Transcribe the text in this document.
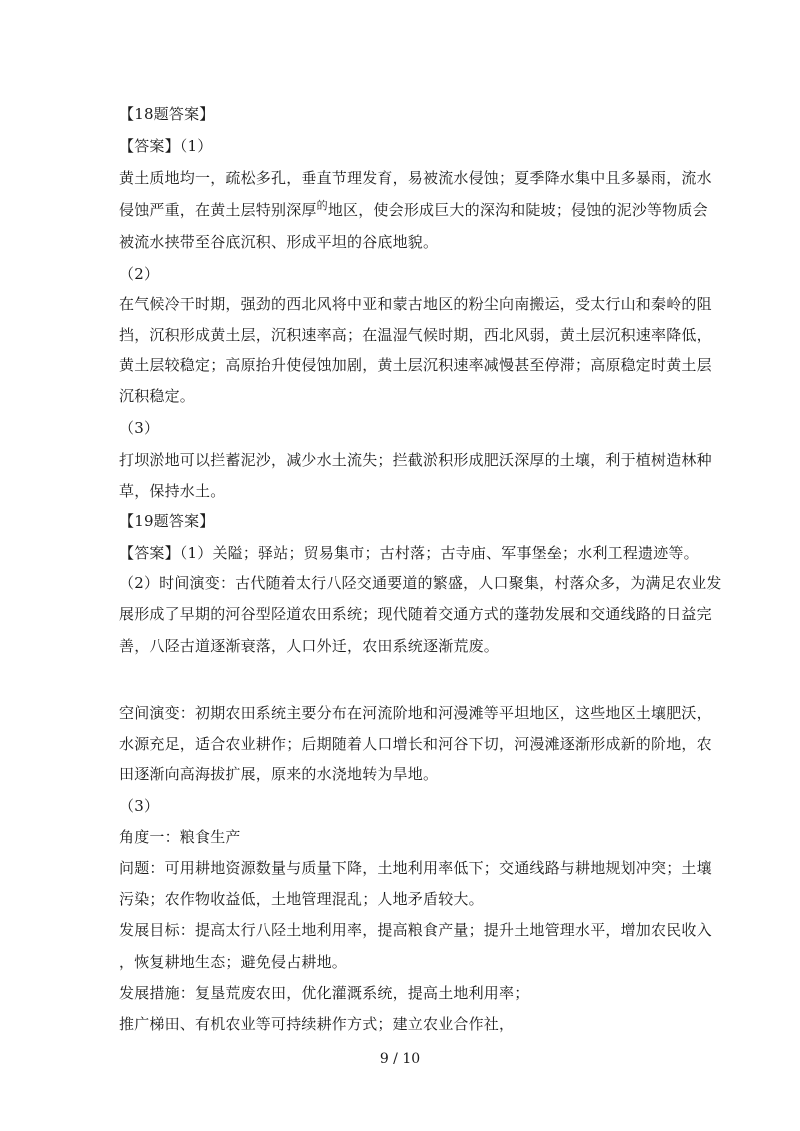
【18题答案】
【答案】（1）
黄土质地均一，疏松多孔，垂直节理发育，易被流水侵蚀；夏季降水集中且多暴雨，流水
侵蚀严重，在黄土层特别深厚$^的$地区，使会形成巨大的深沟和陡坡；侵蚀的泥沙等物质会
被流水挟带至谷底沉积、形成平坦的谷底地貌。
（2）
在气候冷干时期，强劲的西北风将中亚和蒙古地区的粉尘向南搬运，受太行山和秦岭的阻
挡，沉积形成黄土层，沉积速率高；在温湿气候时期，西北风弱，黄土层沉积速率降低，
黄土层较稳定；高原抬升使侵蚀加剧，黄土层沉积速率减慢甚至停滞；高原稳定时黄土层
沉积稳定。
（3）
打坝淤地可以拦蓄泥沙，减少水土流失；拦截淤积形成肥沃深厚的土壤，利于植树造林种
草，保持水土。
【19题答案】
【答案】（1）关隘；驿站；贸易集市；古村落；古寺庙、军事堡垒；水利工程遗迹等。
（2）时间演变：古代随着太行八陉交通要道的繁盛，人口聚集，村落众多，为满足农业发
展形成了早期的河谷型陉道农田系统；现代随着交通方式的蓬勃发展和交通线路的日益完
善，八陉古道逐渐衰落，人口外迁，农田系统逐渐荒废。
空间演变：初期农田系统主要分布在河流阶地和河漫滩等平坦地区，这些地区土壤肥沃，
水源充足，适合农业耕作；后期随着人口增长和河谷下切，河漫滩逐渐形成新的阶地，农
田逐渐向高海拔扩展，原来的水浇地转为旱地。
（3）
角度一：粮食生产
问题：可用耕地资源数量与质量下降，土地利用率低下；交通线路与耕地规划冲突；土壤
污染；农作物收益低，土地管理混乱；人地矛盾较大。
发展目标：提高太行八陉土地利用率，提高粮食产量；提升土地管理水平，增加农民收入
，恢复耕地生态；避免侵占耕地。
发展措施：复垦荒废农田，优化灌溉系统，提高土地利用率；
推广梯田、有机农业等可持续耕作方式；建立农业合作社，
9 / 10
